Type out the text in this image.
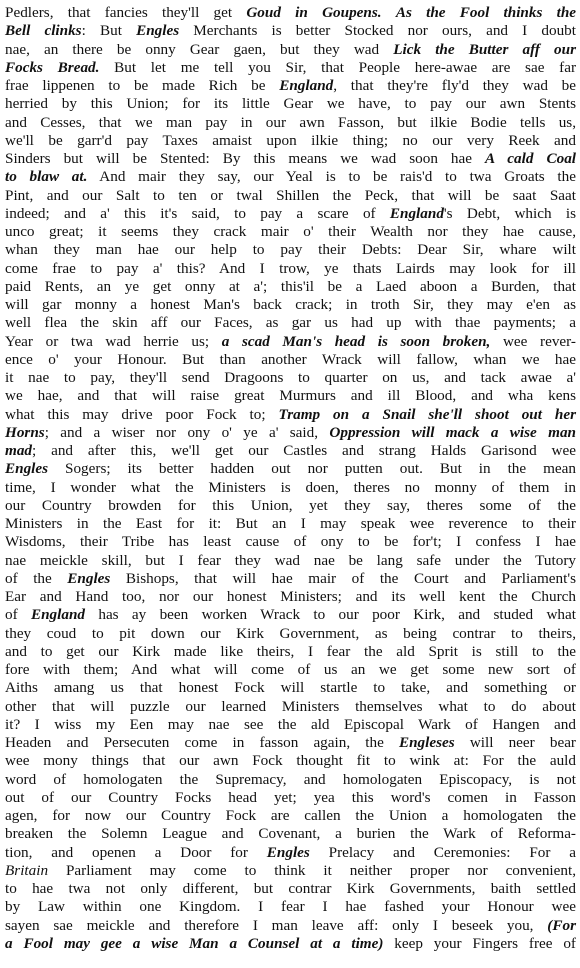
Pedlers, that fancies they'll get Goud in Goupens. As the Fool thinks the
Bell clinks: But Engles Merchants is better Stocked nor ours, and I doubt
nae, an there be onny Gear gaen, but they wad Lick the Butter aff our
Focks Bread. But let me tell you Sir, that People here-awae are sae far
frae lippenen to be made Rich be England, that they're fly'd they wad be
herried by this Union; for its little Gear we have, to pay our awn Stents
and Cesses, that we man pay in our awn Fasson, but ilkie Bodie tells us,
we'll be garr'd pay Taxes amaist upon ilkie thing; no our very Reek and
Sinders but will be Stented: By this means we wad soon hae A cald Coal
to blaw at. And mair they say, our Yeal is to be rais'd to twa Groats the
Pint, and our Salt to ten or twal Shillen the Peck, that will be saat Saat
indeed; and a' this it's said, to pay a scare of England's Debt, which is
unco great; it seems they crack mair o' their Wealth nor they hae cause,
whan they man hae our help to pay their Debts: Dear Sir, whare wilt
come frae to pay a' this? And I trow, ye thats Lairds may look for ill
paid Rents, an ye get onny at a'; this'il be a Laed aboon a Burden, that
will gar monny a honest Man's back crack; in troth Sir, they may e'en as
well flea the skin aff our Faces, as gar us had up with thae payments; a
Year or twa wad herrie us; a scad Man's head is soon broken, wee rever-
ence o' your Honour. But than another Wrack will fallow, whan we hae
it nae to pay, they'll send Dragoons to quarter on us, and tack awae a'
we hae, and that will raise great Murmurs and ill Blood, and wha kens
what this may drive poor Fock to; Tramp on a Snail she'll shoot out her
Horns; and a wiser nor ony o' ye a' said, Oppression will mack a wise man
mad; and after this, we'll get our Castles and strang Halds Garisond wee
Engles Sogers; its better hadden out nor putten out. But in the mean
time, I wonder what the Ministers is doen, theres no monny of them in
our Country browden for this Union, yet they say, theres some of the
Ministers in the East for it: But an I may speak wee reverence to their
Wisdoms, their Tribe has least cause of ony to be for't; I confess I hae
nae meickle skill, but I fear they wad nae be lang safe under the Tutory
of the Engles Bishops, that will hae mair of the Court and Parliament's
Ear and Hand too, nor our honest Ministers; and its well kent the Church
of England has ay been worken Wrack to our poor Kirk, and studed what
they coud to pit down our Kirk Government, as being contrar to theirs,
and to get our Kirk made like theirs, I fear the ald Sprit is still to the
fore with them; And what will come of us an we get some new sort of
Aiths amang us that honest Fock will startle to take, and something or
other that will puzzle our learned Ministers themselves what to do about
it? I wiss my Een may nae see the ald Episcopal Wark of Hangen and
Headen and Persecuten come in fasson again, the Engleses will neer bear
wee mony things that our awn Fock thought fit to wink at: For the auld
word of homologaten the Supremacy, and homologaten Episcopacy, is not
out of our Country Focks head yet; yea this word's comen in Fasson
agen, for now our Country Fock are callen the Union a homologaten the
breaken the Solemn League and Covenant, a burien the Wark of Reforma-
tion, and openen a Door for Engles Prelacy and Ceremonies: For a
Britain Parliament may come to think it neither proper nor convenient,
to hae twa not only different, but contrar Kirk Governments, baith settled
by Law within one Kingdom. I fear I hae fashed your Honour wee
sayen sae meickle and therefore I man leave aff: only I beseek you, (For
a Fool may gee a wise Man a Counsel at a time) keep your Fingers free of
